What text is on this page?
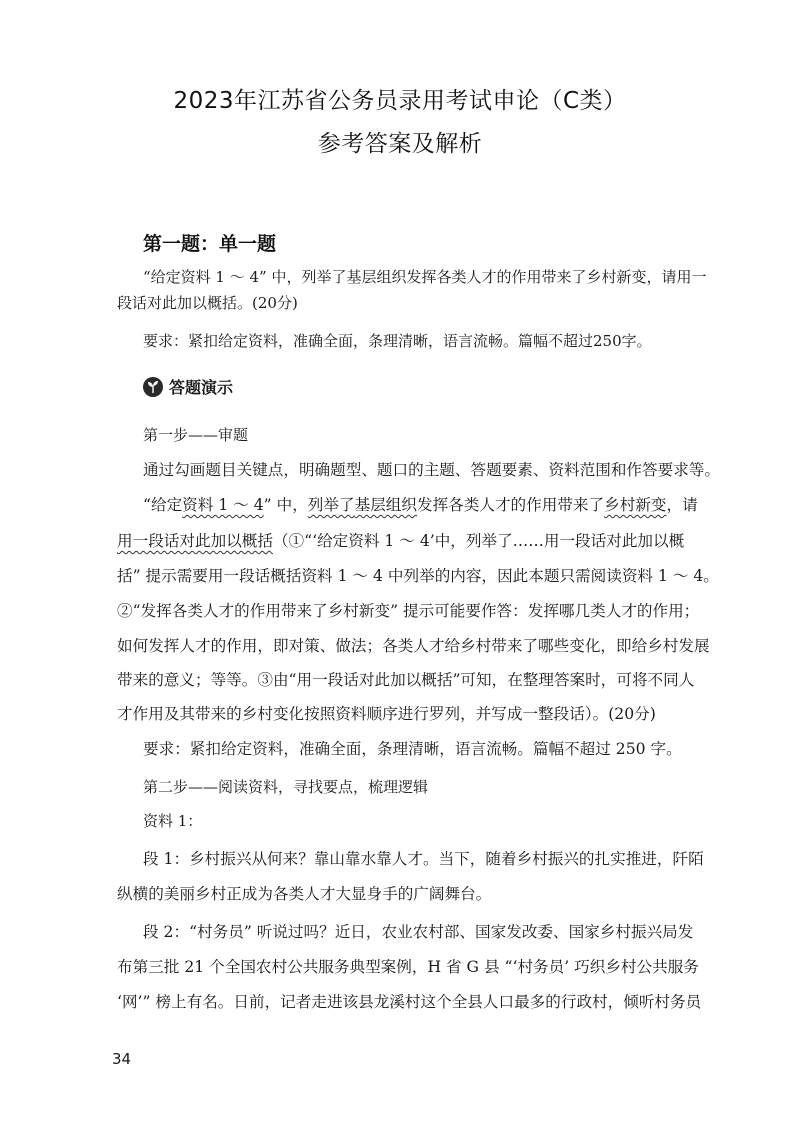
2023年江苏省公务员录用考试申论（C类）
参考答案及解析
第一题：单一题
“给定资料 1 ～ 4” 中，列举了基层组织发挥各类人才的作用带来了乡村新变，请用一
段话对此加以概括。(20分)
要求：紧扣给定资料，准确全面，条理清晰，语言流畅。篇幅不超过250字。
答题演示
第一步——审题
通过勾画题目关键点，明确题型、题口的主题、答题要素、资料范围和作答要求等。
“给定资料 1 ～ 4” 中，列举了基层组织发挥各类人才的作用带来了乡村新变，请
用一段话对此加以概括（①“‘给定资料 1 ～ 4’中，列举了……用一段话对此加以概
括” 提示需要用一段话概括资料 1 ～ 4 中列举的内容，因此本题只需阅读资料 1 ～ 4。
②“发挥各类人才的作用带来了乡村新变” 提示可能要作答：发挥哪几类人才的作用；
如何发挥人才的作用，即对策、做法；各类人才给乡村带来了哪些变化，即给乡村发展
带来的意义；等等。③由“用一段话对此加以概括”可知，在整理答案时，可将不同人
才作用及其带来的乡村变化按照资料顺序进行罗列，并写成一整段话）。(20分)
要求：紧扣给定资料，准确全面，条理清晰，语言流畅。篇幅不超过 250 字。
第二步——阅读资料，寻找要点，梳理逻辑
资料 1：
段 1：乡村振兴从何来？靠山靠水靠人才。当下，随着乡村振兴的扎实推进，阡陌
纵横的美丽乡村正成为各类人才大显身手的广阔舞台。
段 2：“村务员” 听说过吗？近日，农业农村部、国家发改委、国家乡村振兴局发
布第三批 21 个全国农村公共服务典型案例，H 省 G 县 “‘村务员’ 巧织乡村公共服务
‘网’” 榜上有名。日前，记者走进该县龙溪村这个全县人口最多的行政村，倾听村务员
34
